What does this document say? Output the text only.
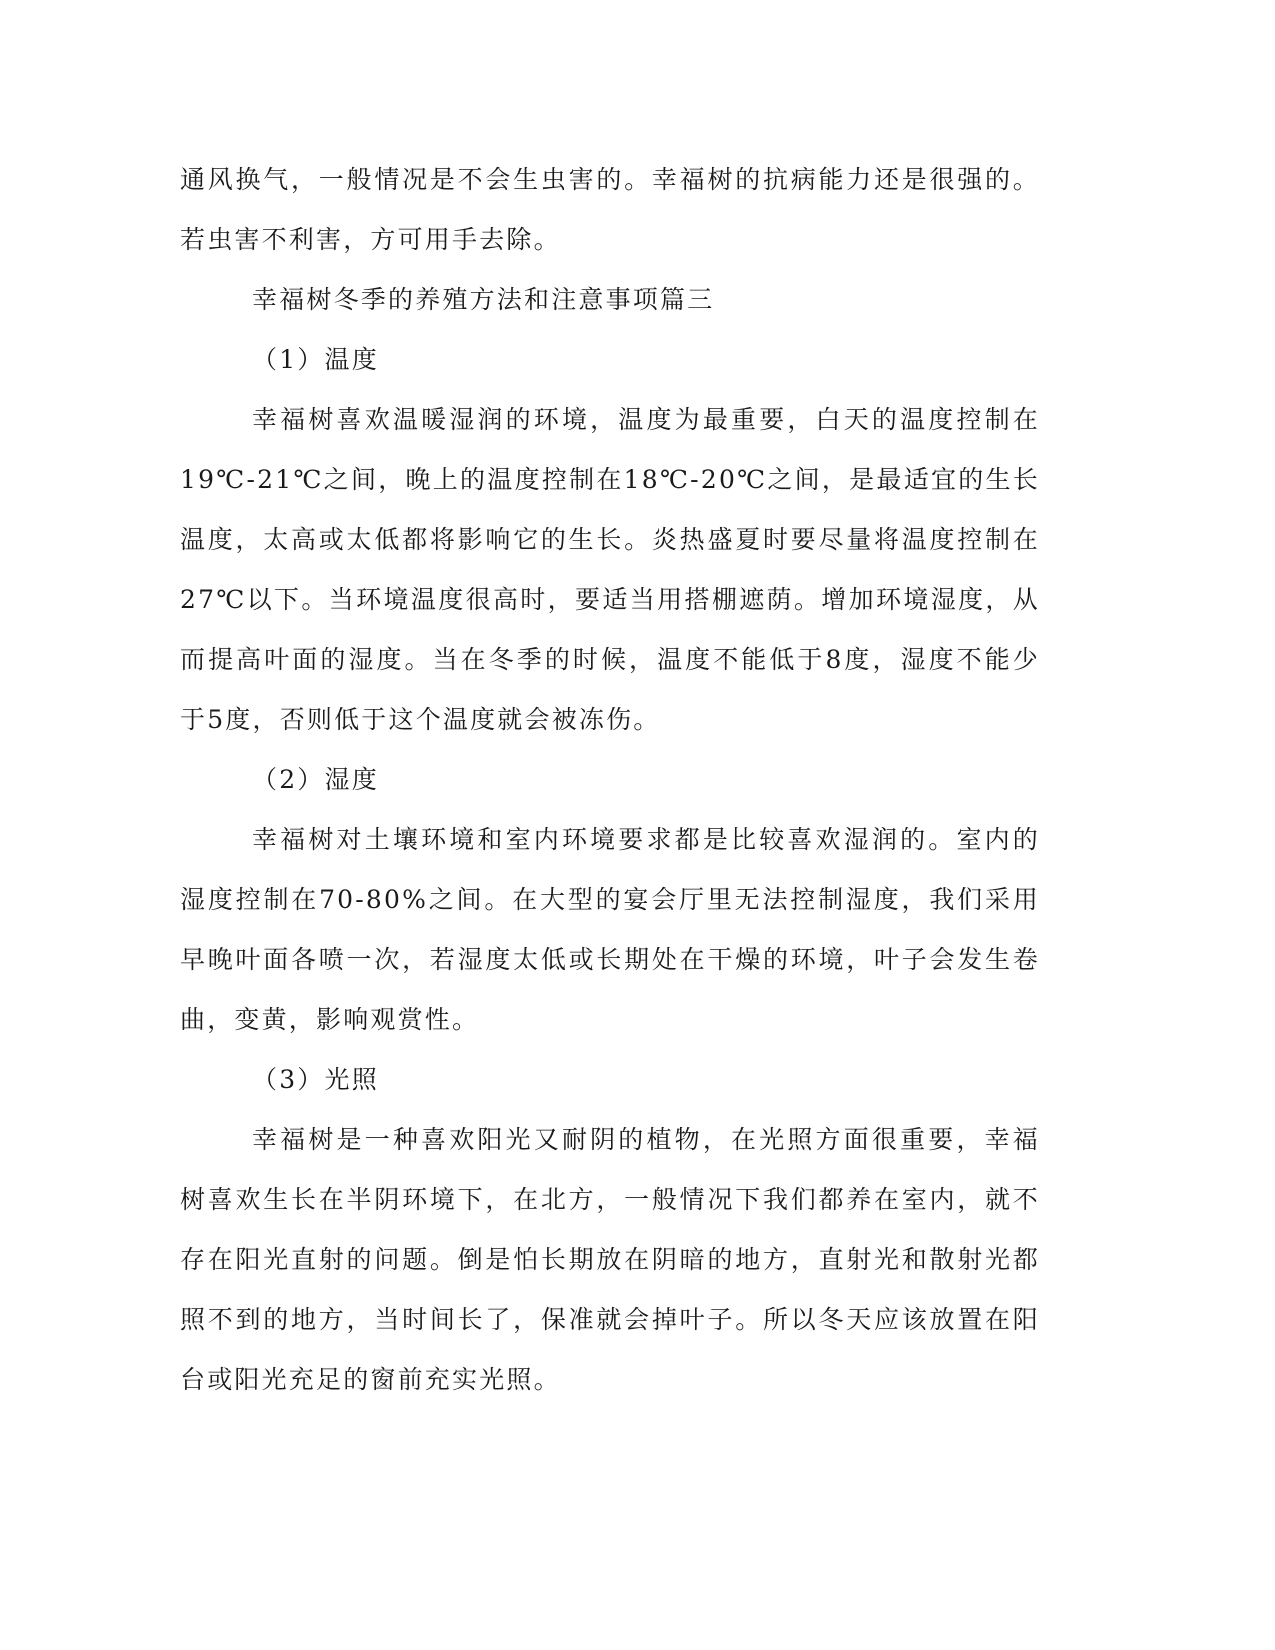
通风换气，一般情况是不会生虫害的。幸福树的抗病能力还是很强的。若虫害不利害，方可用手去除。

幸福树冬季的养殖方法和注意事项篇三

（1）温度

幸福树喜欢温暖湿润的环境，温度为最重要，白天的温度控制在19℃-21℃之间，晚上的温度控制在18℃-20℃之间，是最适宜的生长温度，太高或太低都将影响它的生长。炎热盛夏时要尽量将温度控制在27℃以下。当环境温度很高时，要适当用搭棚遮荫。增加环境湿度，从而提高叶面的湿度。当在冬季的时候，温度不能低于8度，湿度不能少于5度，否则低于这个温度就会被冻伤。

（2）湿度

幸福树对土壤环境和室内环境要求都是比较喜欢湿润的。室内的湿度控制在70-80%之间。在大型的宴会厅里无法控制湿度，我们采用早晚叶面各喷一次，若湿度太低或长期处在干燥的环境，叶子会发生卷曲，变黄，影响观赏性。

（3）光照

幸福树是一种喜欢阳光又耐阴的植物，在光照方面很重要，幸福树喜欢生长在半阴环境下，在北方，一般情况下我们都养在室内，就不存在阳光直射的问题。倒是怕长期放在阴暗的地方，直射光和散射光都照不到的地方，当时间长了，保准就会掉叶子。所以冬天应该放置在阳台或阳光充足的窗前充实光照。
